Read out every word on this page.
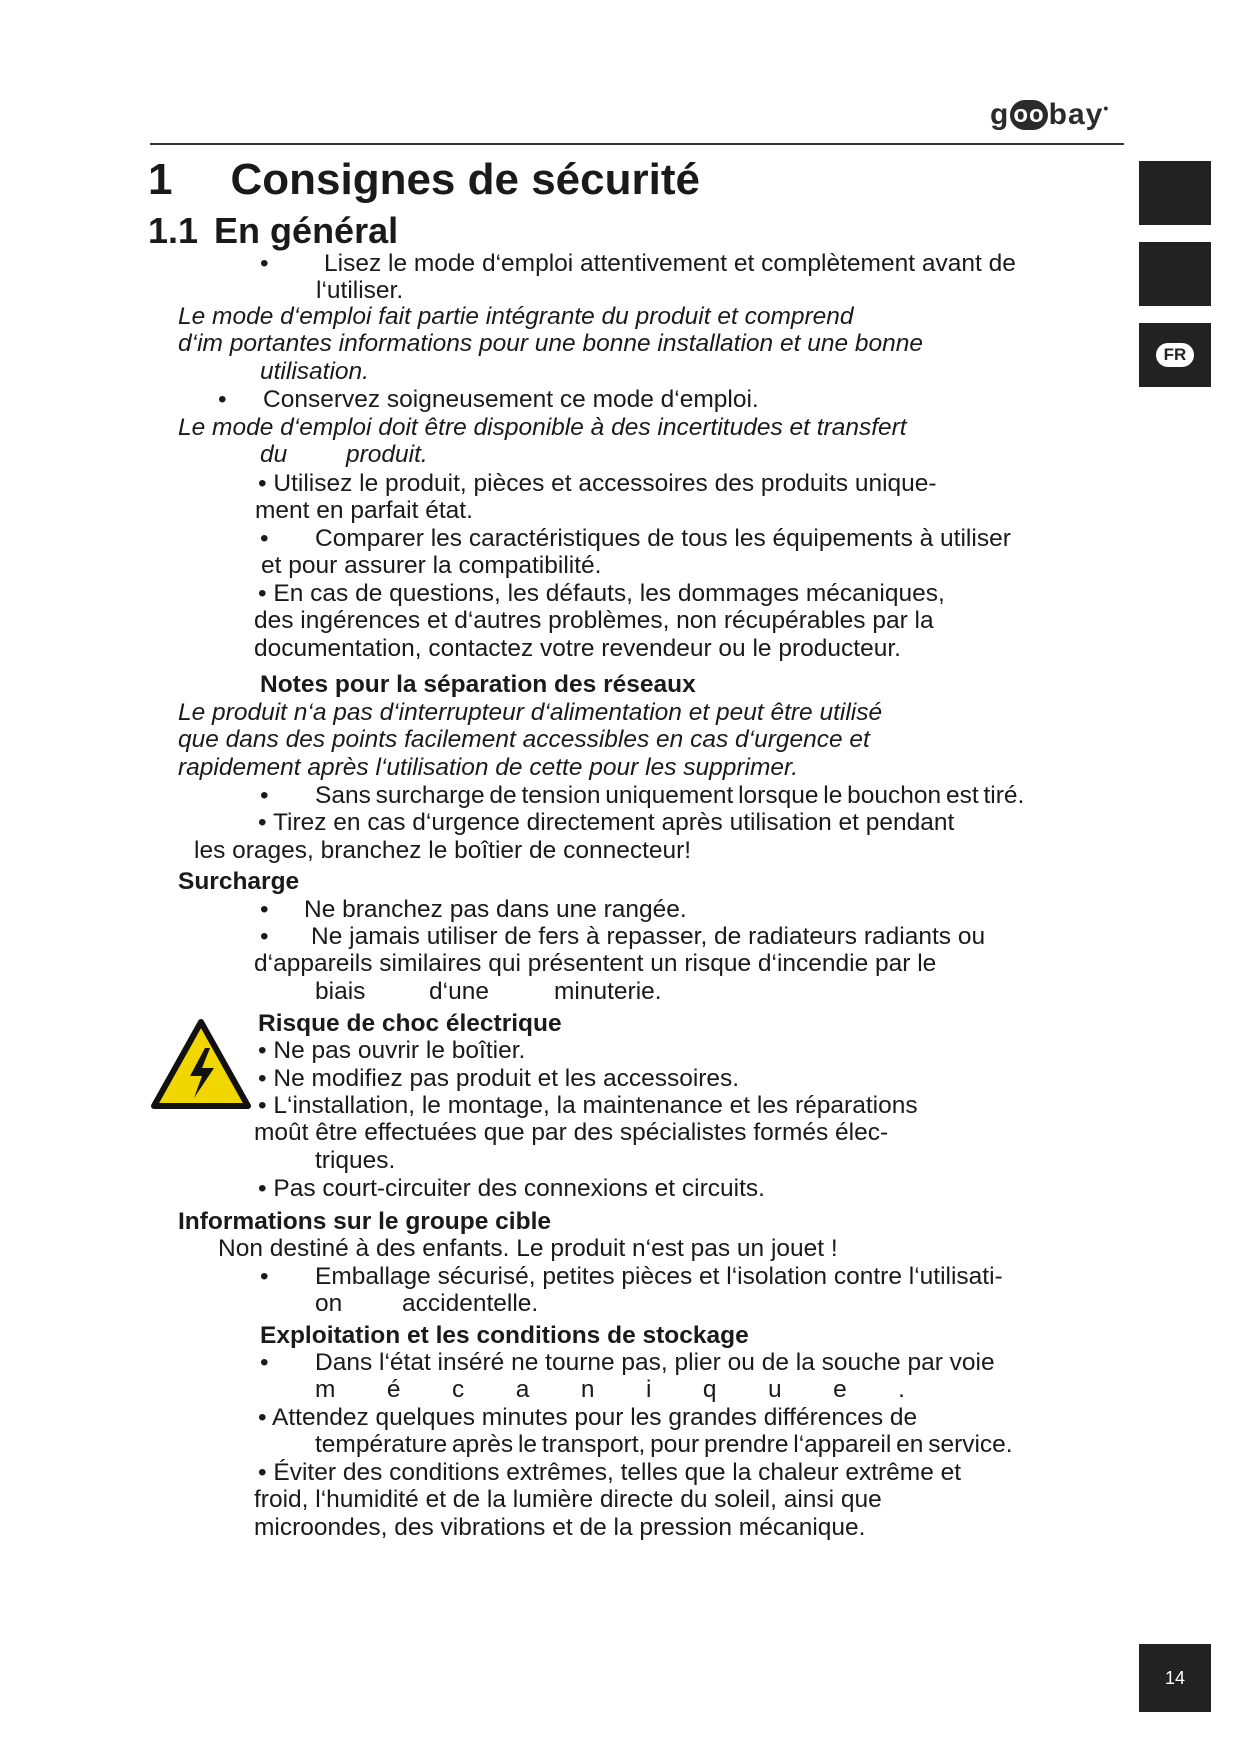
g oo bay•
FR
1 Consignes de sécurité
1.1 En général
• Lisez le mode d‘emploi attentivement et complètement avant de
l‘utiliser.
Le mode d‘emploi fait partie intégrante du produit et comprend
d‘im portantes informations pour une bonne installation et une bonne
utilisation.
• Conservez soigneusement ce mode d‘emploi.
Le mode d‘emploi doit être disponible à des incertitudes et transfert
du produit.
• Utilisez le produit, pièces et accessoires des produits unique-
ment en parfait état.
• Comparer les caractéristiques de tous les équipements à utiliser
et pour assurer la compatibilité.
• En cas de questions, les défauts, les dommages mécaniques,
des ingérences et d‘autres problèmes, non récupérables par la
documentation, contactez votre revendeur ou le producteur.
Notes pour la séparation des réseaux
Le produit n‘a pas d‘interrupteur d‘alimentation et peut être utilisé
que dans des points facilement accessibles en cas d‘urgence et
rapidement après l‘utilisation de cette pour les supprimer.
• Sans surcharge de tension uniquement lorsque le bouchon est tiré.
• Tirez en cas d‘urgence directement après utilisation et pendant
les orages, branchez le boîtier de connecteur!
Surcharge
• Ne branchez pas dans une rangée.
• Ne jamais utiliser de fers à repasser, de radiateurs radiants ou
d‘appareils similaires qui présentent un risque d‘incendie par le
biais	d‘une	minuterie.
Risque de choc électrique
• Ne pas ouvrir le boîtier.
• Ne modifiez pas produit et les accessoires.
• L‘installation, le montage, la maintenance et les réparations
moût être effectuées que par des spécialistes formés élec-
triques.
• Pas court-circuiter des connexions et circuits.
Informations sur le groupe cible
Non destiné à des enfants. Le produit n‘est pas un jouet !
• Emballage sécurisé, petites pièces et l‘isolation contre l‘utilisati-
on accidentelle.
Exploitation et les conditions de stockage
• Dans l‘état inséré ne tourne pas, plier ou de la souche par voie
m é c a n i q u e .
• Attendez quelques minutes pour les grandes différences de
température après le transport, pour prendre l‘appareil en service.
• Éviter des conditions extrêmes, telles que la chaleur extrême et
froid, l‘humidité et de la lumière directe du soleil, ainsi que
microondes, des vibrations et de la pression mécanique.
14
